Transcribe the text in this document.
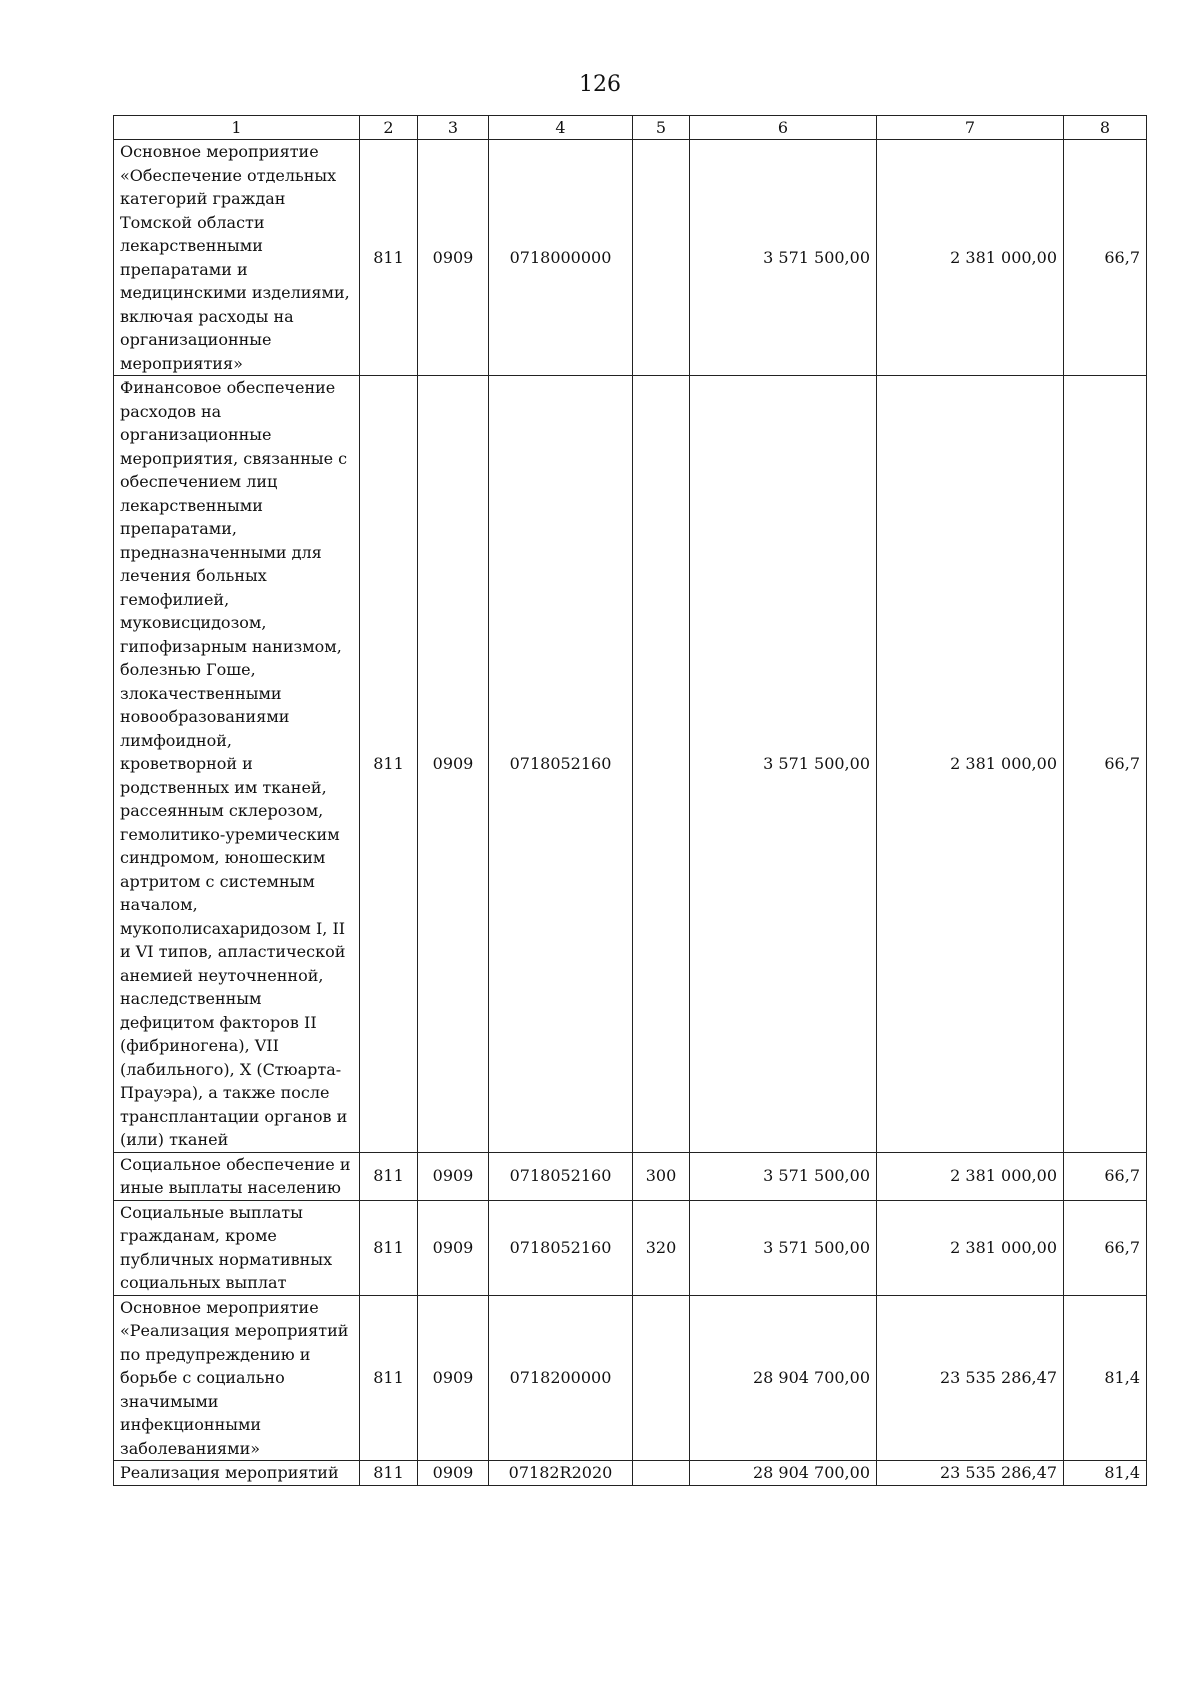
126
1	2	3	4	5	6	7	8
Основное мероприятие «Обеспечение отдельных категорий граждан Томской области лекарственными препаратами и медицинскими изделиями, включая расходы на организационные мероприятия»	811	0909	0718000000		3 571 500,00	2 381 000,00	66,7
Финансовое обеспечение расходов на организационные мероприятия, связанные с обеспечением лиц лекарственными препаратами, предназначенными для лечения больных гемофилией, муковисцидозом, гипофизарным нанизмом, болезнью Гоше, злокачественными новообразованиями лимфоидной, кроветворной и родственных им тканей, рассеянным склерозом, гемолитико-уремическим синдромом, юношеским артритом с системным началом, мукополисахаридозом I, II и VI типов, апластической анемией неуточненной, наследственным дефицитом факторов II (фибриногена), VII (лабильного), X (Стюарта-Прауэра), а также после трансплантации органов и (или) тканей	811	0909	0718052160		3 571 500,00	2 381 000,00	66,7
Социальное обеспечение и иные выплаты населению	811	0909	0718052160	300	3 571 500,00	2 381 000,00	66,7
Социальные выплаты гражданам, кроме публичных нормативных социальных выплат	811	0909	0718052160	320	3 571 500,00	2 381 000,00	66,7
Основное мероприятие «Реализация мероприятий по предупреждению и борьбе с социально значимыми инфекционными заболеваниями»	811	0909	0718200000		28 904 700,00	23 535 286,47	81,4
Реализация мероприятий	811	0909	07182R2020		28 904 700,00	23 535 286,47	81,4
